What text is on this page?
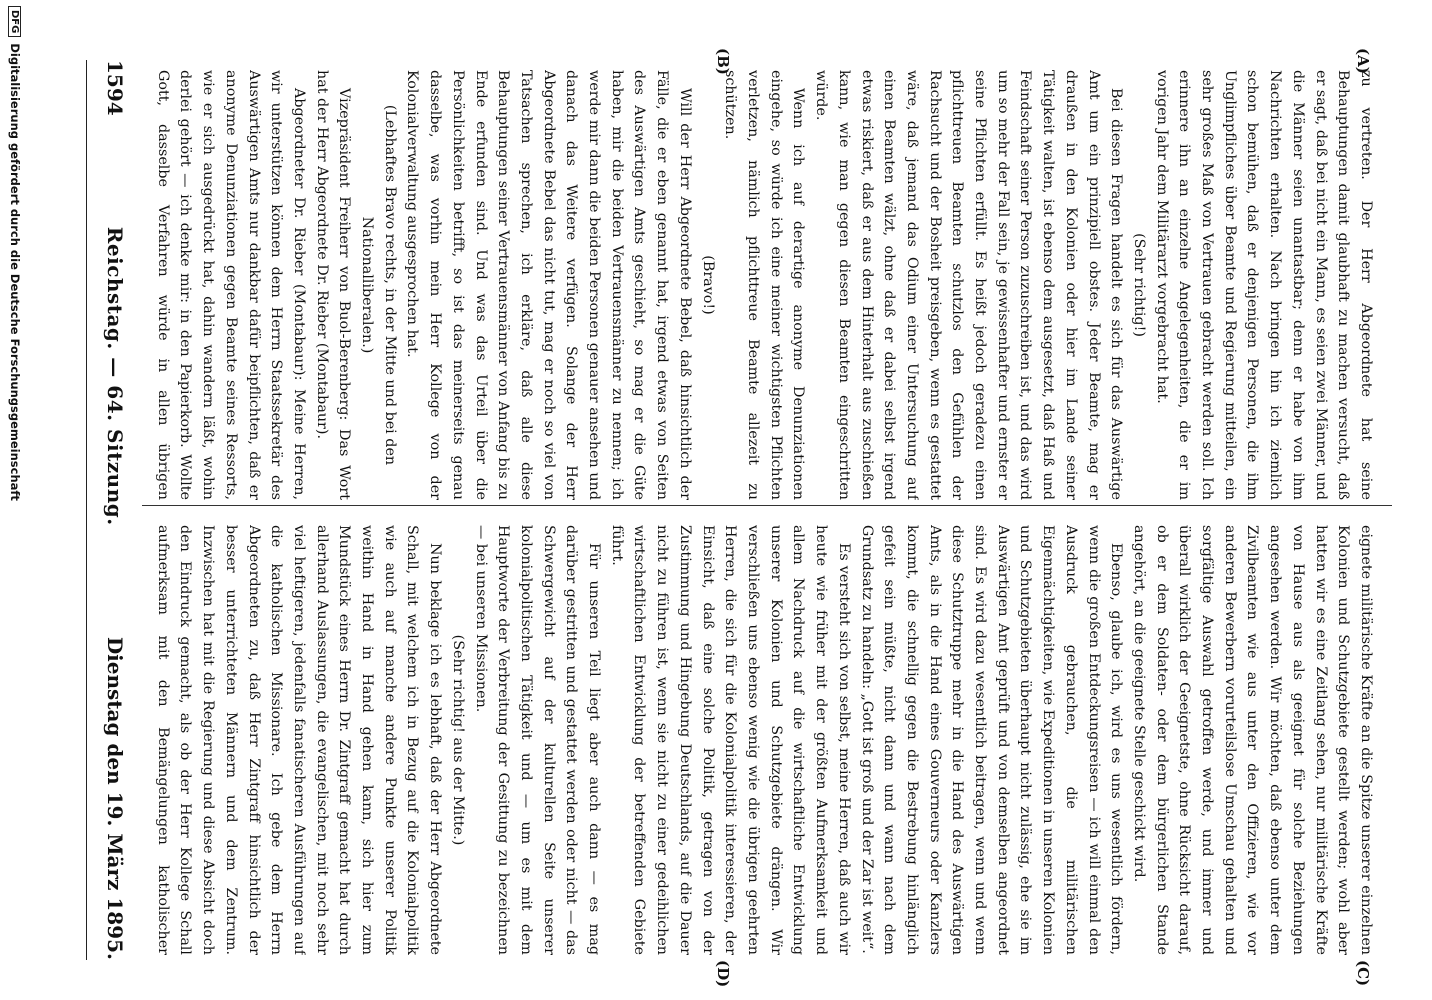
1594
Reichstag. — 64. Sitzung.
Dienstag den 19. März 1895.
(A)
(B)
(C)
(D)

zu vertreten. Der Herr Abgeordnete hat seine Behauptungen damit glaubhaft zu machen versucht, daß er sagt, daß bei nicht ein Mann, es seien zwei Männer, und die Männer seien unantastbar; denn er habe von ihm Nachrichten erhalten. Nach bringen hin ich ziemlich schon bemühen, daß er denjenigen Personen, die ihm Unglimpfliches über Beamte und Regierung mitteilen, ein sehr großes Maß von Vertrauen gebracht werden soll. Ich erinnere ihn an einzelne Angelegenheiten, die er im vorigen Jahr dem Militärarzt vorgebracht hat.

(Sehr richtig!)

Bei diesen Fragen handelt es sich für das Auswärtige Amt um ein prinzipiell obstes. Jeder Beamte, mag er draußen in den Kolonien oder hier im Lande seiner Tätigkeit walten, ist ebenso dem ausgesetzt, daß Haß und Feindschaft seiner Person zuzuschreiben ist, und das wird um so mehr der Fall sein, je gewissenhafter und ernster er seine Pflichten erfüllt. Es heißt jedoch geradezu einen pflichttreuen Beamten schutzlos den Gefühlen der Rachsucht und der Bosheit preisgeben, wenn es gestattet wäre, daß jemand das Odium einer Untersuchung auf einen Beamten wälzt, ohne daß er dabei selbst irgend etwas riskiert, daß er aus dem Hinterhalt aus zuschießen kann, wie man gegen diesen Beamten eingeschritten würde.

Wenn ich auf derartige anonyme Denunziationen eingehe, so würde ich eine meiner wichtigsten Pflichten verletzen, nämlich pflichttreue Beamte allezeit zu schützen.

(Bravo!)

Will der Herr Abgeordnete Bebel, daß hinsichtlich der Fälle, die er eben genannt hat, irgend etwas von Seiten des Auswärtigen Amts geschieht, so mag er die Güte haben, mir die beiden Vertrauensmänner zu nennen; ich werde mir dann die beiden Personen genauer ansehen und danach das Weitere verfügen. Solange der Herr Abgeordnete Bebel das nicht tut, mag er noch so viel von Tatsachen sprechen, ich erkläre, daß alle diese Behauptungen seiner Vertrauensmänner von Anfang bis zu Ende erfunden sind. Und was das Urteil über die Persönlichkeiten betrifft, so ist das meinerseits genau dasselbe, was vorhin mein Herr Kollege von der Kolonialverwaltung ausgesprochen hat.

(Lebhaftes Bravo rechts, in der Mitte und bei den Nationalliberalen.)

Vizepräsident Freiherr von Buol-Berenberg: Das Wort hat der Herr Abgeordnete Dr. Rieber (Montabaur).

Abgeordneter Dr. Rieber (Montabaur): Meine Herren, wir unterstützen können dem Herrn Staatssekretär des Auswärtigen Amts nur dankbar dafür beipflichten, daß er anonyme Denunziationen gegen Beamte seines Ressorts, wie er sich ausgedrückt hat, dahin wandern läßt, wohin derlei gehört — ich denke mir: in den Papierkorb. Wollte Gott, dasselbe Verfahren würde in allen übrigen

eignete militärische Kräfte an die Spitze unserer einzelnen Kolonien und Schutzgebiete gestellt werden; wohl aber hatten wir es eine Zeitlang sehen, nur militärische Kräfte von Hause aus als geeignet für solche Beziehungen angesehen werden. Wir möchten, daß ebenso unter dem Zivilbeamten wie aus unter den Offizieren, wie vor anderen Bewerbern vorurteilslose Umschau gehalten und sorgfältige Auswahl getroffen werde, und immer und überall wirklich der Geeignetste, ohne Rücksicht darauf, ob er dem Soldaten- oder dem bürgerlichen Stande angehört, an die geeignete Stelle geschickt wird.

Ebenso, glaube ich, wird es uns wesentlich fördern, wenn die großen Entdeckungsreisen — ich will einmal den Ausdruck gebrauchen, die militärischen Eigenmächtigkeiten, wie Expeditionen in unseren Kolonien und Schutzgebieten überhaupt nicht zulässig, ehe sie im Auswärtigen Amt geprüft und von demselben angeordnet sind. Es wird dazu wesentlich beitragen, wenn und wenn diese Schutztruppe mehr in die Hand des Auswärtigen Amts, als in die Hand eines Gouverneurs oder Kanzlers kommt, die schnellig gegen die Bestrebung hinlänglich gefeit sein müßte, nicht dann und wann nach dem Grundsatz zu handeln: „Gott ist groß und der Zar ist weit“.

Es versteht sich von selbst, meine Herren, daß auch wir heute wie früher mit der größten Aufmerksamkeit und allem Nachdruck auf die wirtschaftliche Entwicklung unserer Kolonien und Schutzgebiete drängen. Wir verschließen uns ebenso wenig wie die übrigen geehrten Herren, die sich für die Kolonialpolitik interessieren, der Einsicht, daß eine solche Politik, getragen von der Zustimmung und Hingebung Deutschlands, auf die Dauer nicht zu führen ist, wenn sie nicht zu einer gedeihlichen wirtschaftlichen Entwicklung der betreffenden Gebiete führt.

Für unseren Teil liegt aber auch dann — es mag darüber gestritten und gestattet werden oder nicht — das Schwergewicht auf der kulturellen Seite unserer kolonialpolitischen Tätigkeit und — um es mit dem Hauptworte der Verbreitung der Gesittung zu bezeichnen — bei unseren Missionen.

(Sehr richtig! aus der Mitte.)

Nun beklage ich es lebhaft, daß der Herr Abgeordnete Schall, mit welchem ich in Bezug auf die Kolonialpolitik wie auch auf manche andere Punkte unserer Politik weithin Hand in Hand gehen kann, sich hier zum Mundstück eines Herrn Dr. Zintgraff gemacht hat durch allerhand Auslassungen, die evangelischen, mit noch sehr viel heftigeren, jedenfalls fanatischeren Ausführungen auf die katholischen Missionare. Ich gebe dem Herrn Abgeordneten zu, daß Herr Zintgraff hinsichtlich der besser unterrichteten Männern und dem Zentrum. Inzwischen hat mit die Regierung und diese Absicht doch den Eindruck gemacht, als ob der Herr Kollege Schall aufmerksam mit den Bemängelungen katholischer

DFG
Digitalisierung gefördert durch die Deutsche Forschungsgemeinschaft
